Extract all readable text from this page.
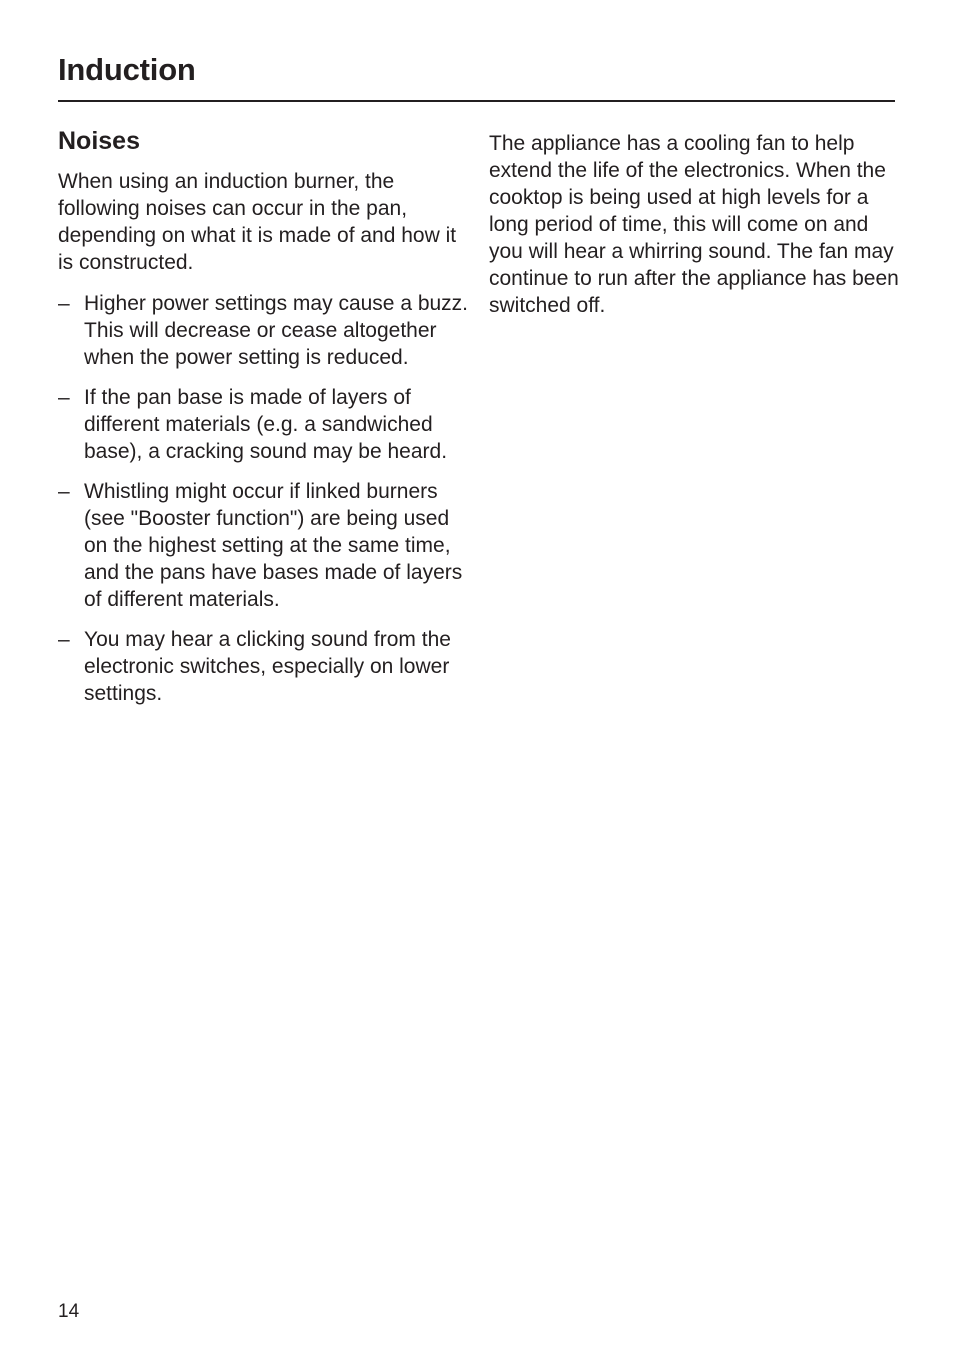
Induction
Noises

When using an induction burner, the following noises can occur in the pan, depending on what it is made of and how it is constructed.

– Higher power settings may cause a buzz. This will decrease or cease altogether when the power setting is reduced.
– If the pan base is made of layers of different materials (e.g. a sandwiched base), a cracking sound may be heard.
– Whistling might occur if linked burners (see "Booster function") are being used on the highest setting at the same time, and the pans have bases made of layers of different materials.
– You may hear a clicking sound from the electronic switches, especially on lower settings.

The appliance has a cooling fan to help extend the life of the electronics. When the cooktop is being used at high levels for a long period of time, this will come on and you will hear a whirring sound. The fan may continue to run after the appliance has been switched off.

14
